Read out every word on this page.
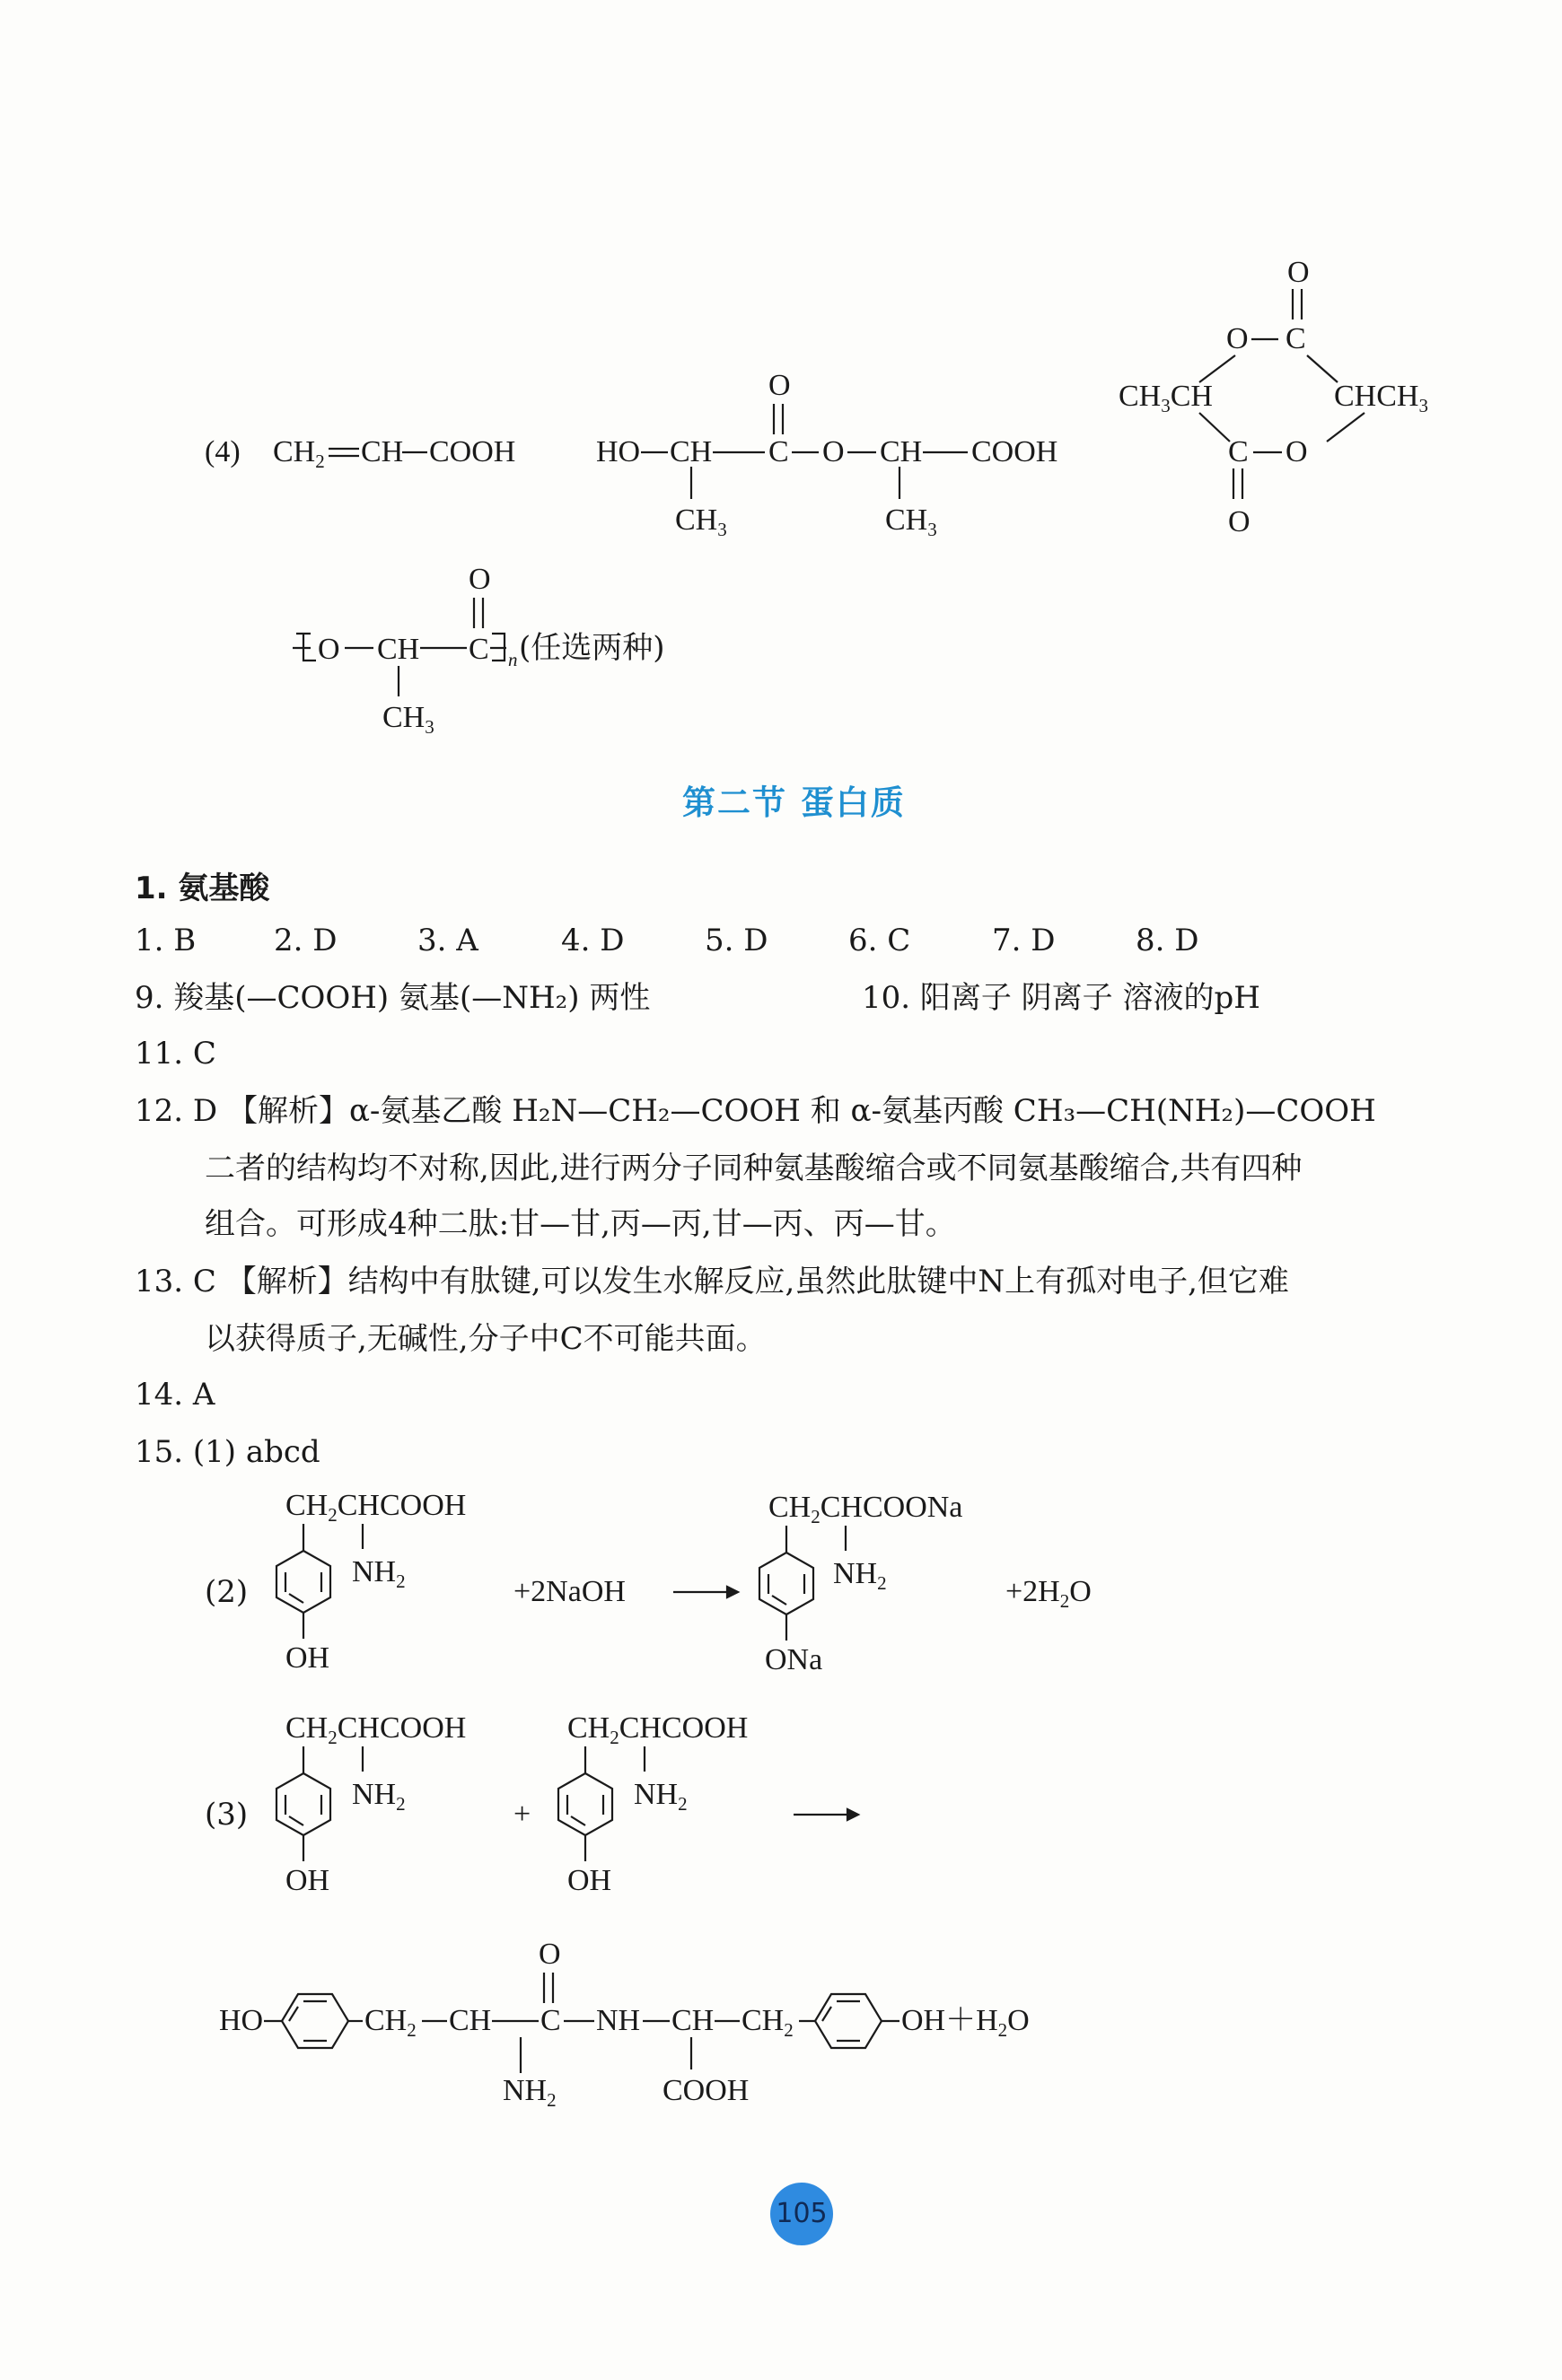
(4) $CH_2$ CH COOH	HO CH
$CH_3$
C
O
O CH
$CH_3$
COOH
O
O C
$CH_3CH$	$CHCH_3$
C O
O
O CH
$CH_3$
C
O
n (任选两种)
第二节 蛋白质
1. 氨基酸
1. B	2. D	3. A	4. D	5. D	6. C	7. D	8. D
9. 羧基(—COOH) 氨基(—NH₂) 两性	10. 阳离子 阴离子 溶液的pH
11. C
12. D 【解析】α-氨基乙酸 H₂N—CH₂—COOH 和 α-氨基丙酸 CH₃—CH(NH₂)—COOH
二者的结构均不对称,因此,进行两分子同种氨基酸缩合或不同氨基酸缩合,共有四种
组合。可形成4种二肽:甘—甘,丙—丙,甘—丙、丙—甘。
13. C 【解析】结构中有肽键,可以发生水解反应,虽然此肽键中N上有孤对电子,但它难
以获得质子,无碱性,分子中C不可能共面。
14. A
15. (1) abcd
(2)
(3)
$CH_2CHCOOH$
$NH_2$
OH
+2NaOH
$CH_2CHCOONa$
$NH_2$
ONa
$+2H_2O$
$CH_2CHCOOH$
$NH_2$
OH
+
$CH_2CHCOOH$
$NH_2$
OH
HO	$CH_2$ CH
$NH_2$
C
O
NH CH
COOH
$CH_2$	$OH+H_2O$
105
